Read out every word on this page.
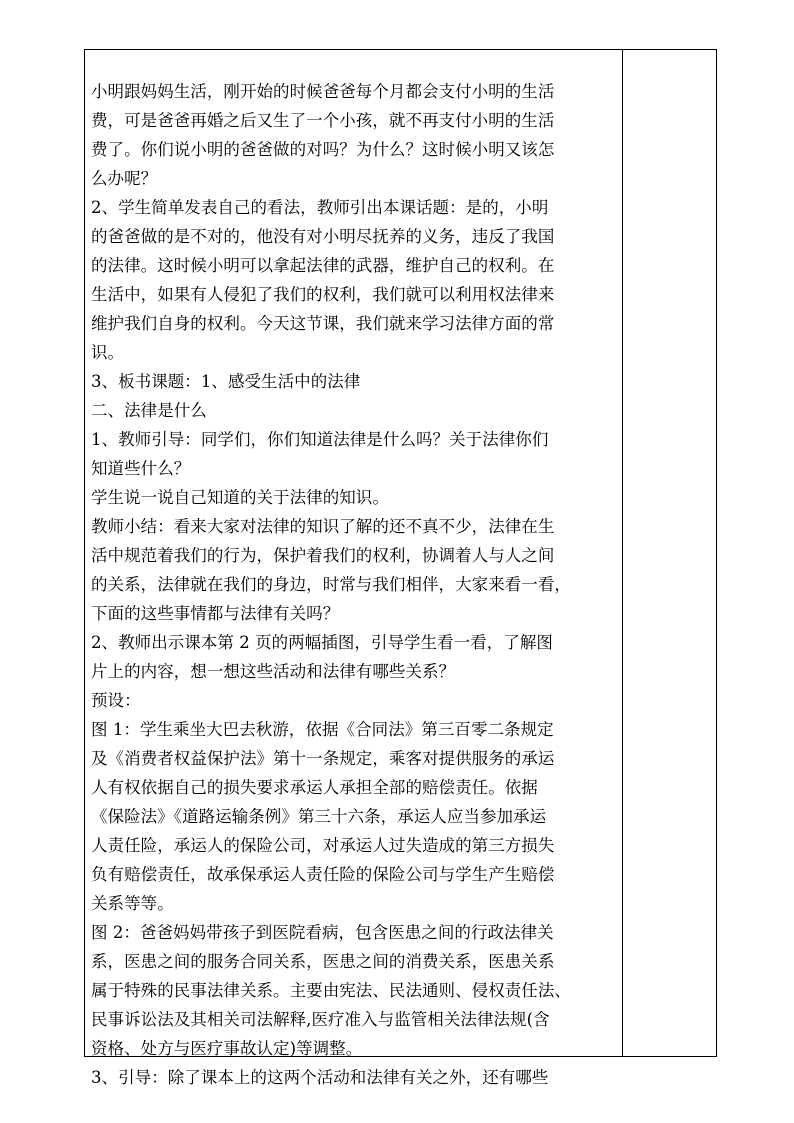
小明跟妈妈生活，刚开始的时候爸爸每个月都会支付小明的生活
费，可是爸爸再婚之后又生了一个小孩，就不再支付小明的生活
费了。你们说小明的爸爸做的对吗？为什么？这时候小明又该怎
么办呢？
2、学生简单发表自己的看法，教师引出本课话题：是的，小明
的爸爸做的是不对的，他没有对小明尽抚养的义务，违反了我国
的法律。这时候小明可以拿起法律的武器，维护自己的权利。在
生活中，如果有人侵犯了我们的权利，我们就可以利用权法律来
维护我们自身的权利。今天这节课，我们就来学习法律方面的常
识。
3、板书课题：1、感受生活中的法律
二、法律是什么
1、教师引导：同学们，你们知道法律是什么吗？关于法律你们
知道些什么？
学生说一说自己知道的关于法律的知识。
教师小结：看来大家对法律的知识了解的还不真不少，法律在生
活中规范着我们的行为，保护着我们的权利，协调着人与人之间
的关系，法律就在我们的身边，时常与我们相伴，大家来看一看，
下面的这些事情都与法律有关吗？
2、教师出示课本第 2 页的两幅插图，引导学生看一看，了解图
片上的内容，想一想这些活动和法律有哪些关系？
预设：
图 1：学生乘坐大巴去秋游，依据《合同法》第三百零二条规定
及《消费者权益保护法》第十一条规定，乘客对提供服务的承运
人有权依据自己的损失要求承运人承担全部的赔偿责任。依据
《保险法》《道路运输条例》第三十六条，承运人应当参加承运
人责任险，承运人的保险公司，对承运人过失造成的第三方损失
负有赔偿责任，故承保承运人责任险的保险公司与学生产生赔偿
关系等等。
图 2：爸爸妈妈带孩子到医院看病，包含医患之间的行政法律关
系，医患之间的服务合同关系，医患之间的消费关系，医患关系
属于特殊的民事法律关系。主要由宪法、民法通则、侵权责任法、
民事诉讼法及其相关司法解释,医疗准入与监管相关法律法规(含
资格、处方与医疗事故认定)等调整。
3、引导：除了课本上的这两个活动和法律有关之外，还有哪些
